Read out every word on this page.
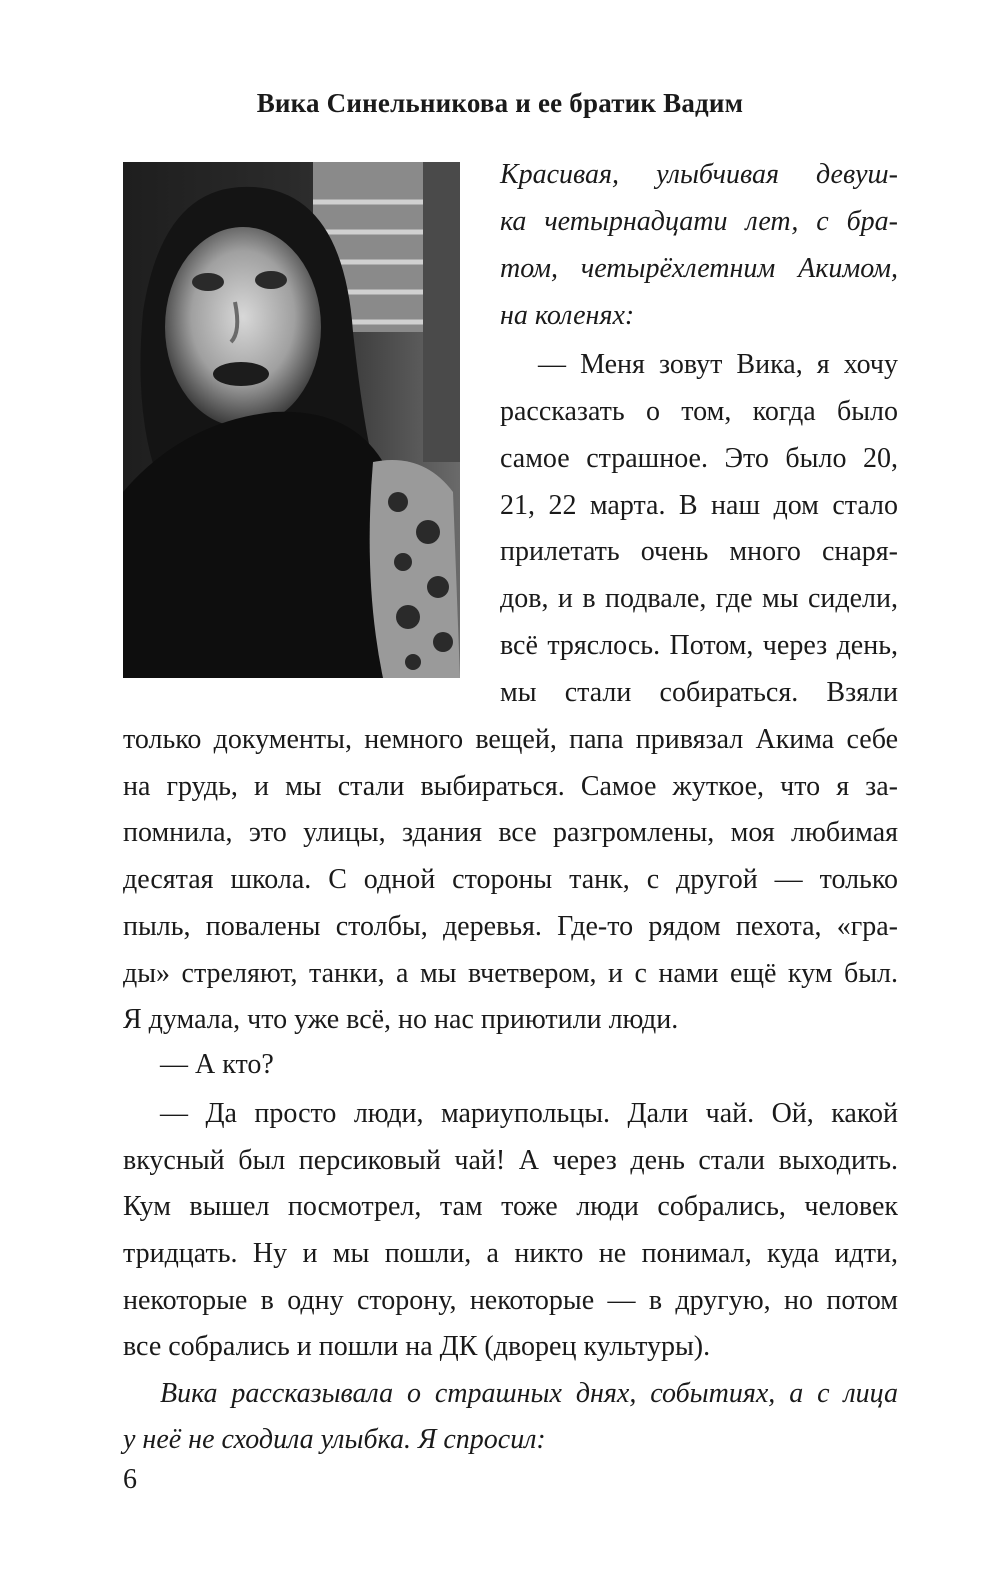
Вика Синельникова и ее братик Вадим
Красивая, улыбчивая девуш-
ка четырнадцати лет, с бра-
том, четырёхлетним Акимом,
на коленях:
— Меня зовут Вика, я хочу
рассказать о том, когда было
самое страшное. Это было 20,
21, 22 марта. В наш дом стало
прилетать очень много снаря-
дов, и в подвале, где мы сидели,
всё тряслось. Потом, через день,
мы стали собираться. Взяли
только документы, немного вещей, папа привязал Акима себе
на грудь, и мы стали выбираться. Самое жуткое, что я за-
помнила, это улицы, здания все разгромлены, моя любимая
десятая школа. С одной стороны танк, с другой — только
пыль, повалены столбы, деревья. Где-то рядом пехота, «гра-
ды» стреляют, танки, а мы вчетвером, и с нами ещё кум был.
Я думала, что уже всё, но нас приютили люди.
— А кто?
— Да просто люди, мариупольцы. Дали чай. Ой, какой
вкусный был персиковый чай! А через день стали выходить.
Кум вышел посмотрел, там тоже люди собрались, человек
тридцать. Ну и мы пошли, а никто не понимал, куда идти,
некоторые в одну сторону, некоторые — в другую, но потом
все собрались и пошли на ДК (дворец культуры).
Вика рассказывала о страшных днях, событиях, а с лица
у неё не сходила улыбка. Я спросил:
6
